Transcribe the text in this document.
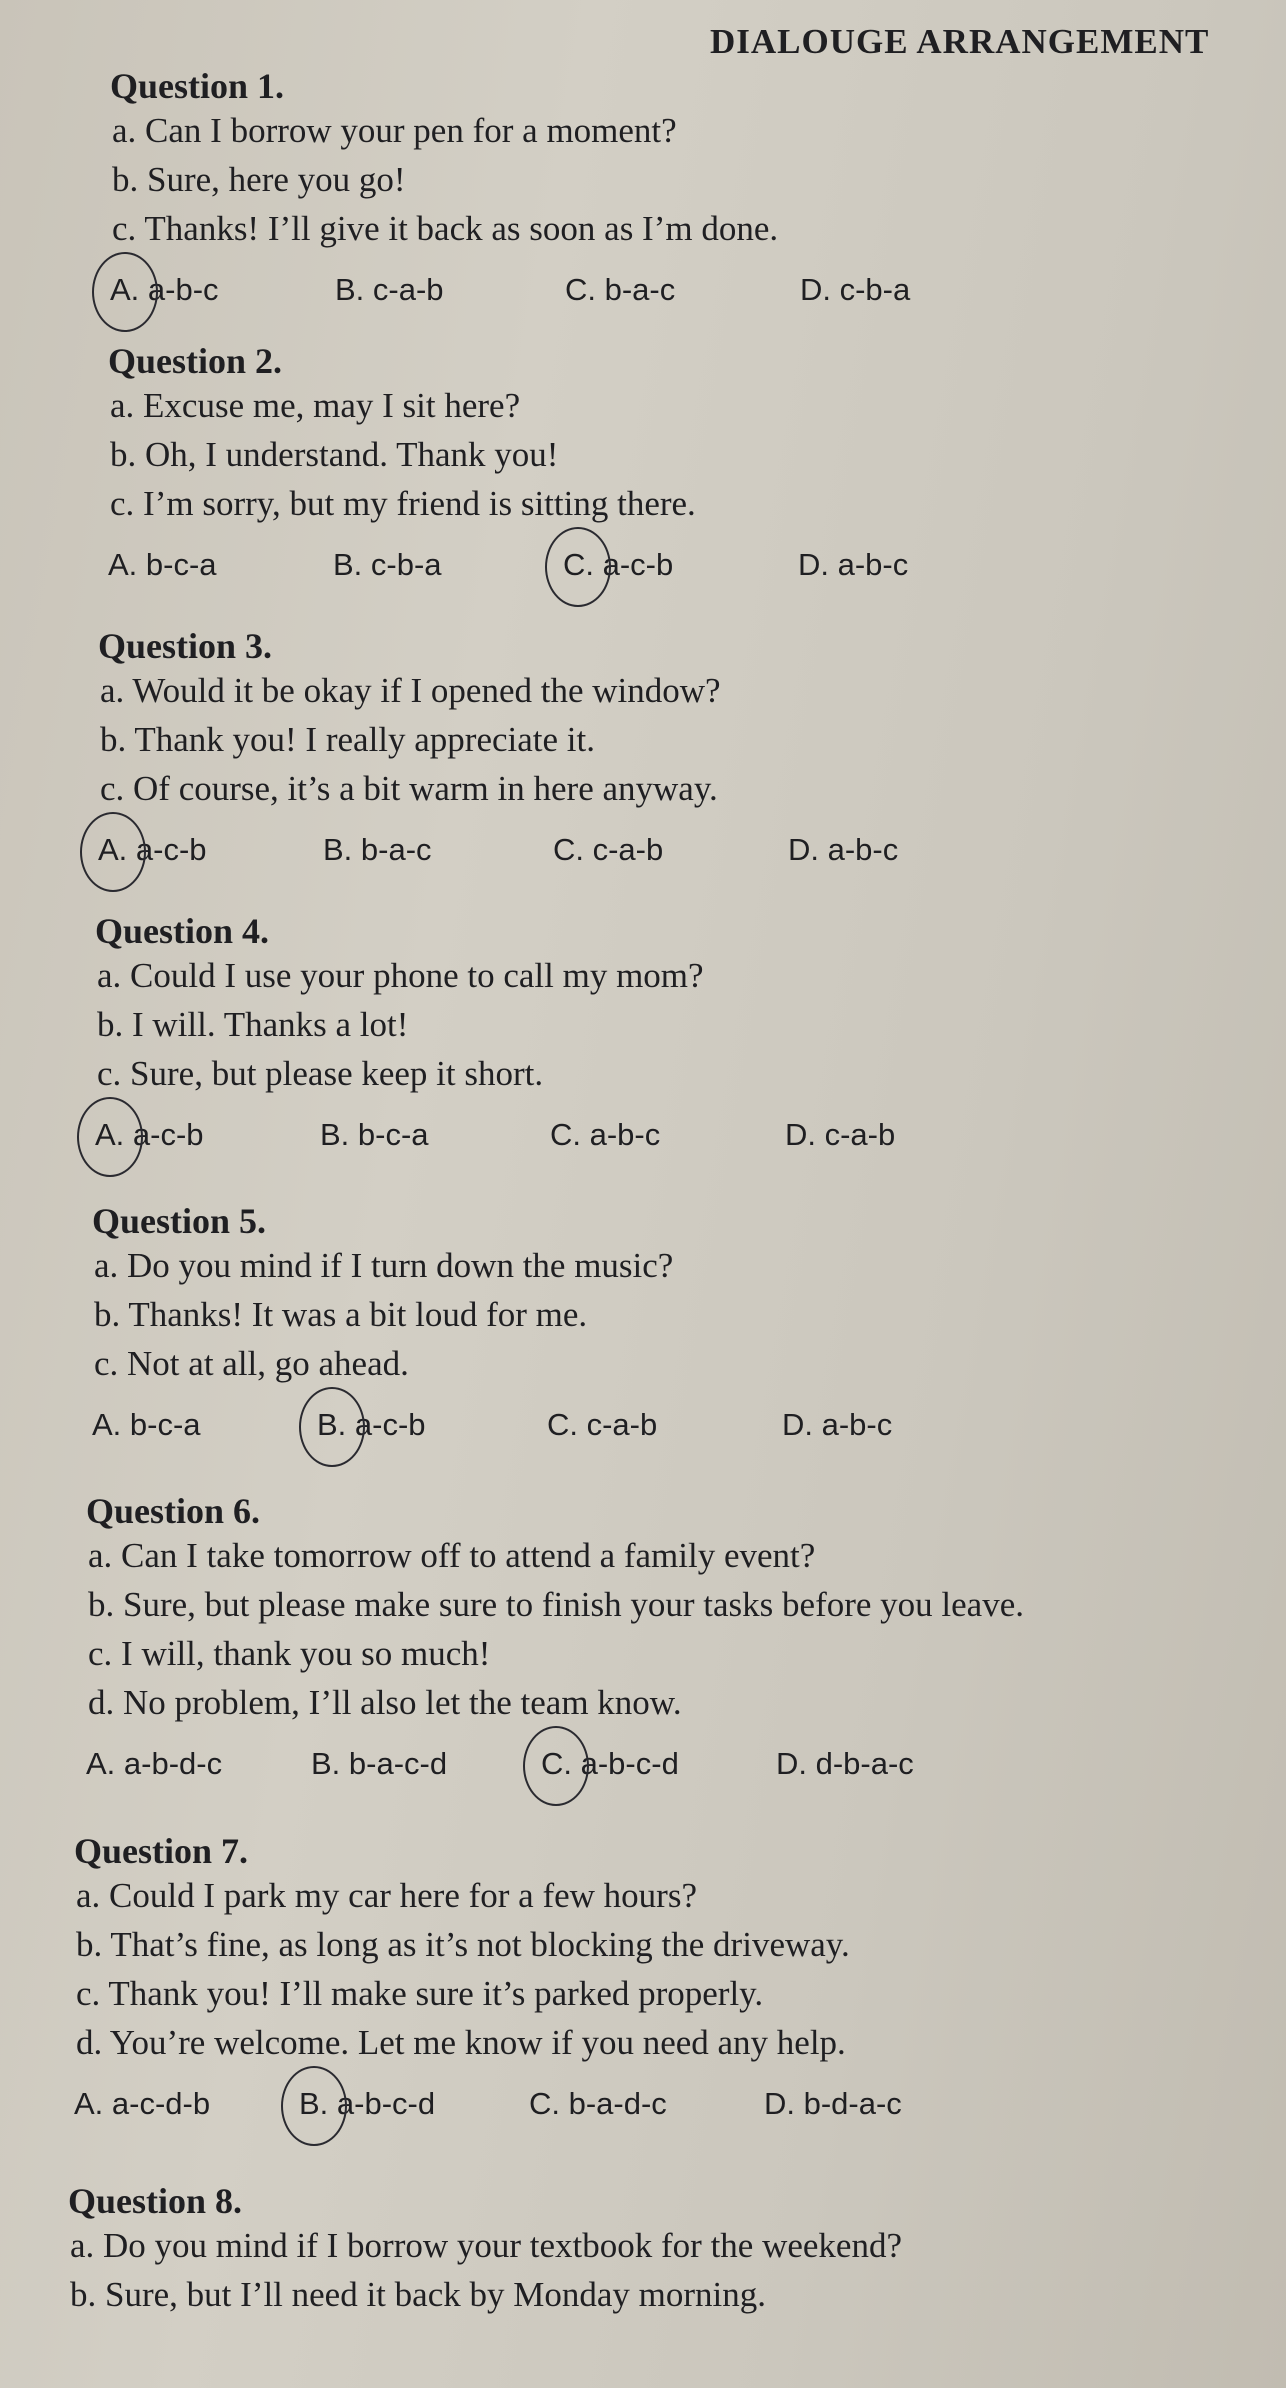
DIALOUGE ARRANGEMENT
Question 1.
a. Can I borrow your pen for a moment?
b. Sure, here you go!
c. Thanks! I’ll give it back as soon as I’m done.
A. a-b-c	B. c-a-b	C. b-a-c	D. c-b-a
Question 2.
a. Excuse me, may I sit here?
b. Oh, I understand. Thank you!
c. I’m sorry, but my friend is sitting there.
A. b-c-a	B. c-b-a	C. a-c-b	D. a-b-c
Question 3.
a. Would it be okay if I opened the window?
b. Thank you! I really appreciate it.
c. Of course, it’s a bit warm in here anyway.
A. a-c-b	B. b-a-c	C. c-a-b	D. a-b-c
Question 4.
a. Could I use your phone to call my mom?
b. I will. Thanks a lot!
c. Sure, but please keep it short.
A. a-c-b	B. b-c-a	C. a-b-c	D. c-a-b
Question 5.
a. Do you mind if I turn down the music?
b. Thanks! It was a bit loud for me.
c. Not at all, go ahead.
A. b-c-a	B. a-c-b	C. c-a-b	D. a-b-c
Question 6.
a. Can I take tomorrow off to attend a family event?
b. Sure, but please make sure to finish your tasks before you leave.
c. I will, thank you so much!
d. No problem, I’ll also let the team know.
A. a-b-d-c	B. b-a-c-d	C. a-b-c-d	D. d-b-a-c
Question 7.
a. Could I park my car here for a few hours?
b. That’s fine, as long as it’s not blocking the driveway.
c. Thank you! I’ll make sure it’s parked properly.
d. You’re welcome. Let me know if you need any help.
A. a-c-d-b	B. a-b-c-d	C. b-a-d-c	D. b-d-a-c
Question 8.
a. Do you mind if I borrow your textbook for the weekend?
b. Sure, but I’ll need it back by Monday morning.
